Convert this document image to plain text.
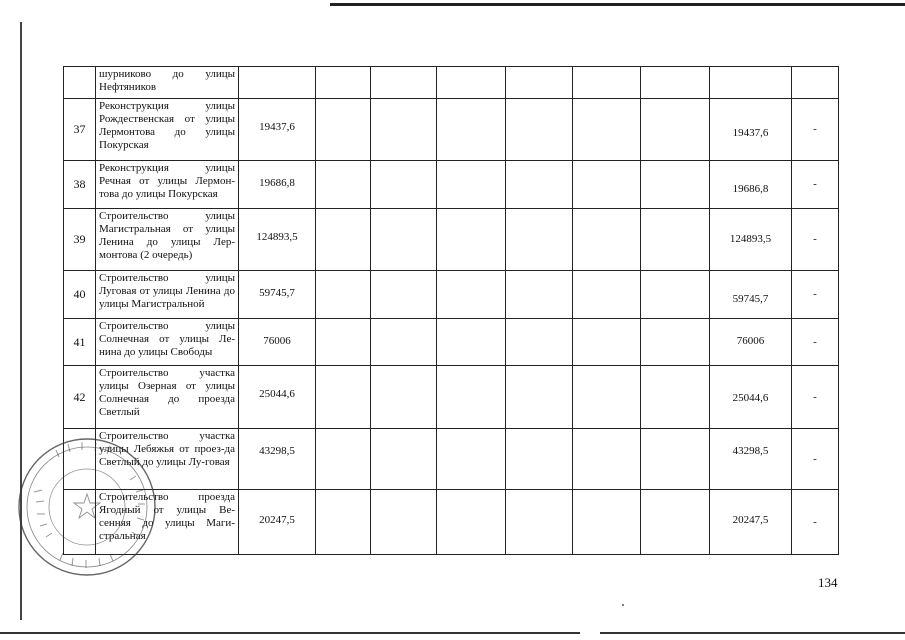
	шурниково до улицы Нефтяников									
37	Реконструкция улицы Рождественская от улицы Лермонтова до улицы Покурская	19437,6							19437,6	-
38	Реконструкция улицы Речная от улицы Лермон-това до улицы Покурская	19686,8							19686,8	-
39	Строительство улицы Магистральная от улицы Ленина до улицы Лер-монтова (2 очередь)	124893,5							124893,5	-
40	Строительство улицы Луговая от улицы Ленина до улицы Магистральной	59745,7							59745,7	-
41	Строительство улицы Солнечная от улицы Ле-нина до улицы Свободы	76006							76006	-
42	Строительство участка улицы Озерная от улицы Солнечная до проезда Светлый	25044,6							25044,6	-
	Строительство участка улицы Лебяжья от проез-да Светлый до улицы Лу-говая	43298,5							43298,5	-
	Строительство проезда Ягодный от улицы Ве-сенняя до улицы Маги-стральная	20247,5							20247,5	-
134
